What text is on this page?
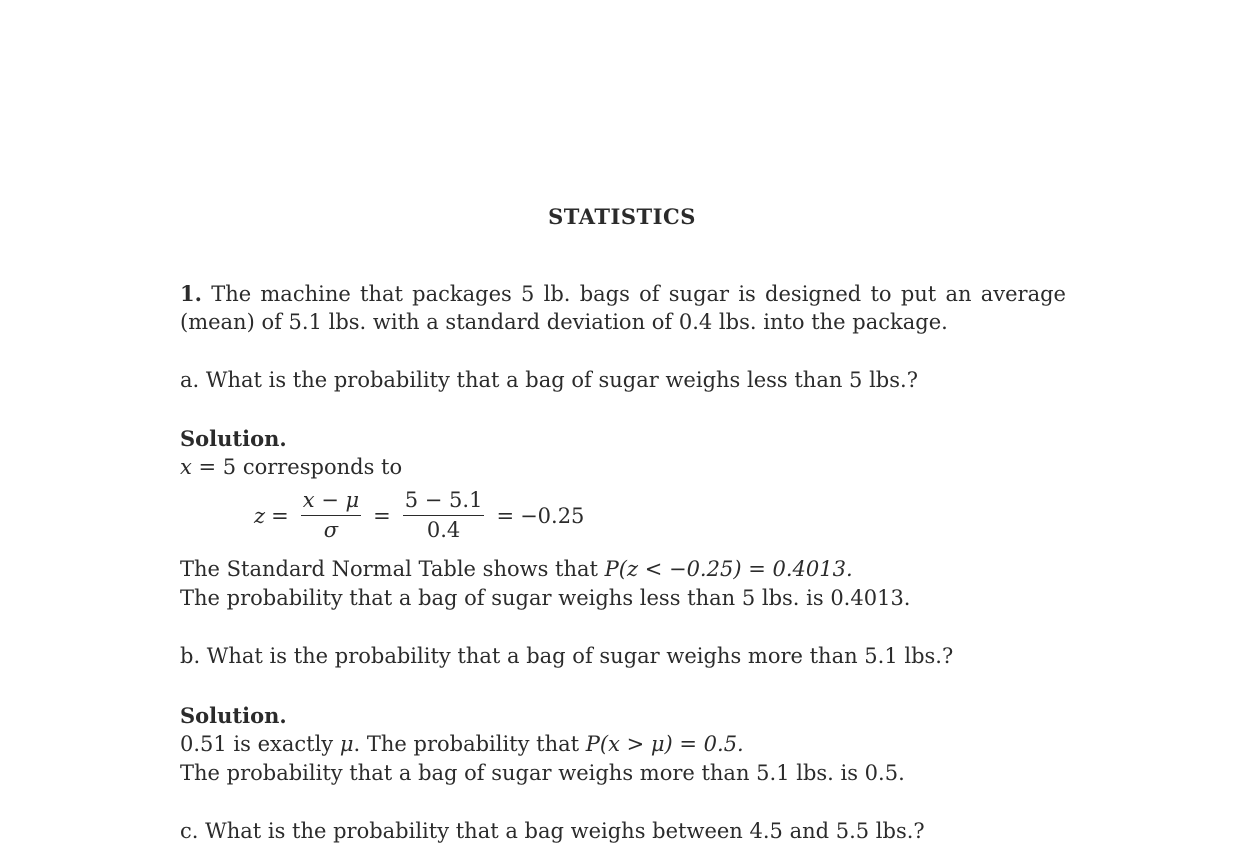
STATISTICS
1. The machine that packages 5 lb. bags of sugar is designed to put an average
(mean) of 5.1 lbs. with a standard deviation of 0.4 lbs. into the package.
a. What is the probability that a bag of sugar weighs less than 5 lbs.?
Solution.
x = 5 corresponds to
$z = \frac{x - \mu}{\sigma} = \frac{5 - 5.1}{0.4} = -0.25$
The Standard Normal Table shows that P(z < −0.25) = 0.4013.
The probability that a bag of sugar weighs less than 5 lbs. is 0.4013.
b. What is the probability that a bag of sugar weighs more than 5.1 lbs.?
Solution.
0.51 is exactly μ. The probability that P(x > μ) = 0.5.
The probability that a bag of sugar weighs more than 5.1 lbs. is 0.5.
c. What is the probability that a bag weighs between 4.5 and 5.5 lbs.?
